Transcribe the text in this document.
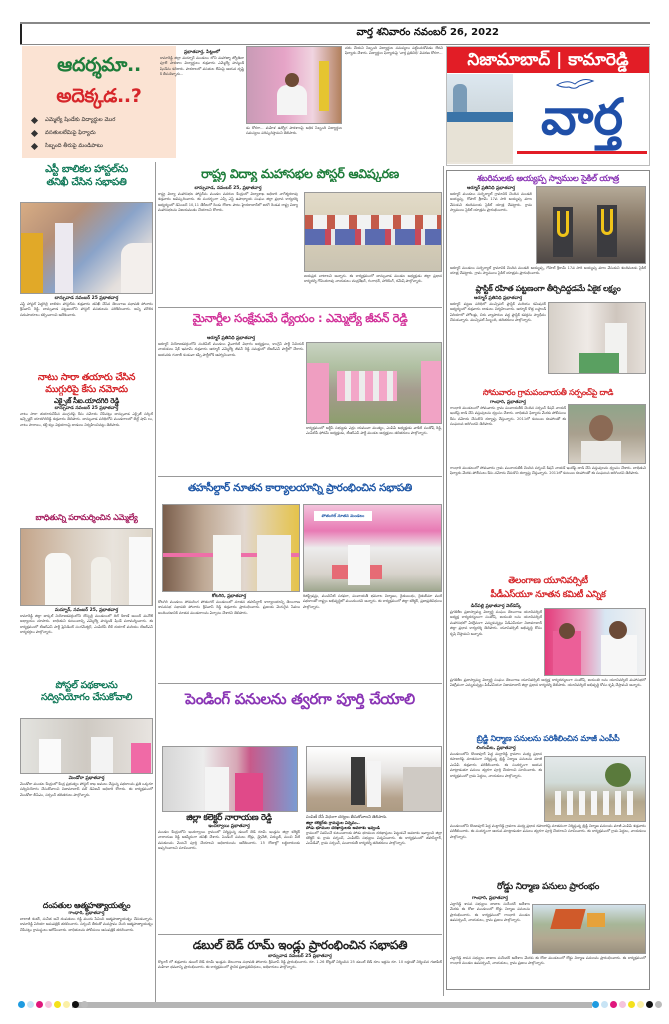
వార్త శనివారం నవంబర్ 26, 2022
నిజామాబాద్ | కామారెడ్డి
వార్త
ఆదర్శమా..
అదెక్కడ..?
ఎమ్మెల్యే షిండేకు విద్యార్థుల మొర
వసతులలేమిపై ఫిర్యాదు
సిబ్బంది తీరుపై మండిపాటు
ప్రభాతవార్త, పిట్లంలో
కామారెడ్డి జిల్లా మద్నూర్ మండలం లోని మహాత్మా జ్యోతిబా ఫూలే పాఠశాల విద్యార్థులు శుక్రవారం ఎమ్మెల్యే హన్మంత్ షిండేను కలిశారు. పాఠశాలలో వసతుల లేమిపై ఆయన దృష్టి కి తీసుకెళ్ళారు...
డు కోరగా... మహిళ ఉద్యోగ పాఠశాలపై అధిక సిబ్బంది విద్యార్థుల సమస్యలు పరిష్కరిస్తామని తెలిపారు.
చదు చేయని సిబ్బంది విద్యార్థుల సమస్యలు పట్టించుకోవడం లేదని ఫిర్యాదు చేశారు. విద్యార్థుల ఫిర్యాదుపై 'వార్త ప్రతినిధి' వివరణ కోరగా...
ఎస్టీ బాలికల హాస్టల్‌ను
తనిఖీ చేసిన సభాపతి
బాన్సువాడ నవంబర్ 25 ప్రభాతవార్త
ఎస్టీ హాస్టల్ పెద్దగిల్లి బాలికల హాస్టల్‌ను శుక్రవారం తనిఖీ చేసిన తెలంగాణ సభాపతి పోచారం శ్రీనివాస్ రెడ్డి. బాన్సువాడ పట్టణంలోని హాస్టల్ వసతులను పరిశీలించారు. అన్ని మౌలిక సదుపాయాలు కల్పించాలని ఆదేశించారు.
నాటు సారా తయారు చేసిన
ముగ్గురిపై కేసు నమోదు
ఎక్సైజ్ సీఐ.యాదగిరి రెడ్డి
బాన్సువాడ నవంబర్ 25 ప్రభాతవార్త
నాటు సారా తయారుచేసిన ముగ్గురిపై కేసు నమోదు చేసినట్లు బాన్సువాడ ఎక్సైజ్ సర్కిల్ ఇన్స్పెక్టర్ యాదగిరిరెడ్డి శుక్రవారం తెలిపారు. బాన్సువాడ పరిధిలోని మండలాలలో బెల్ట్ షాప్ లు, నాటు సారాయి, కల్తీ కల్లు విక్రయాలపై దాడులు నిర్వహించినట్లు తెలిపారు.
బాధితున్ని పరామర్శించిన ఎమ్మెల్యే
మద్నూర్, నవంబర్ 25, ప్రభాతవార్త
కామారెడ్డి జిల్లా జుక్కల్ నియోజకవర్గంలోని దోస్పల్లి మండలంలో దిల్ కిరాణ్ అంబర్ మనోజ్ అధ్యాయం చూపారు. బాధితుని కుటుంబాన్ని ఎమ్మెల్యే హన్మంత్ షిండే పరామర్శించారు. ఈ కార్యక్రమంలో టీఆర్ఎస్ పార్టీ ప్రెసిడెంట్ సంగమేశ్వర్, ఎంపీటీసీ బీకే దయాల్ మరియు టీఆర్ఎస్ కార్యకర్తలు పాల్గొన్నారు.
పోస్టల్ పథకాలను
సద్వినియోగం చేసుకోవాలి
మెండోరా ప్రభాతవార్త
మెండోరా మండల కేంద్రంలో కేంద్ర ప్రభుత్వం పోస్టల్ శాఖ అమలు చేస్తున్న పథకాలను ప్రతి ఒక్కరూ సద్వినియోగం చేసుకోవాలని నిజామాబాద్ సబ్ డివిజన్ అధికారి కోరారు. ఈ కార్యక్రమంలో మెండోరా బీపీఎం, సర్పంచ్ తదితరులు పాల్గొన్నారు.
దంపతుల ఆత్మహత్యాయత్నం
గాంధారి, ప్రభాతవార్త
బాలాజీ శంకర్, సునీత అనే దంపతులు గడ్డి మందు సేవించి ఆత్మహత్యాయత్నం చేసుకున్నారు. కామారెడ్డి ఏరియా ఆసుపత్రికి తరలించారు. సర్పంచ్ తీరుతో మనస్తాపం చెంది ఆత్మహత్యాయత్నం చేసినట్లు గ్రామస్థులు ఆరోపించారు. బాధితులను పోలీసులు ఆసుపత్రికి తరలించారు.
రాష్ట్ర విద్యా మహాసభల పోస్టర్ ఆవిష్కరణ
బాన్సువాడ, నవంబర్ 25, ప్రభాతవార్త
రాష్ట్ర విద్యా మహాసభల పోస్టర్‌ను మండల వనరుల కేంద్రంలో విద్యాశాఖ అధికారి నాగేశ్వరరావు శుక్రవారం ఆవిష్కరించారు. ఈ సందర్భంగా ఎస్సీ ఎస్టీ ఉపాధ్యాయ సంఘం జిల్లా ప్రధాన కార్యదర్శి ఆధ్వర్యంలో డిసెంబర్ 10,11 తేదీలలో రెండు రోజుల పాటు హైదరాబాద్‌లో జరగే రెండవ రాష్ట్ర విద్యా మహాసభలను విజయవంతం చేయాలని కోరారు.
జయప్రద చాటాలని అన్నారు. ఈ కార్యక్రమంలో బాన్సువాడ మండల అధ్యక్షుడు జిల్లా ప్రధాన కార్యదర్శి గోవిందరావు నాయకులు చంద్రశేఖర్, గంగాధర్, హారికింగ్, రమేష్ పాల్గొన్నారు.
మైనార్టీల సంక్షేమమే ధ్యేయం : ఎమ్మెల్యే జీవన్ రెడ్డి
ఆర్మూర్ ప్రతినిధి ప్రభాతవార్త
ఆర్మూర్ నియోజకవర్గంలోని నందిపేట్ మండలం మైనారిటీ విభాగం అధ్యక్షులు, కాంగ్రెస్ పార్టీ సీనియర్ నాయకులు షేక్ ఇమామ్ శుక్రవారం ఆర్మూర్ ఎమ్మెల్యే జీవన్ రెడ్డి సమక్షంలో టీఆర్ఎస్ పార్టీలో చేరారు. ఆయనకు గులాబీ కండువా కప్పి పార్టీలోకి ఆహ్వానించారు.
కార్యక్రమంలో ఆర్టీసీ సభ్యుడు ఎర్రం యమునా ముత్యం, ఎంపీపీ అధ్యక్షుడు వాకిటి సంతోష్ రెడ్డి, ఎంపీటీసీ ఫోరమ్ అధ్యక్షుడు, టీఆర్ఎస్ పార్టీ మండల అధ్యక్షులు తదితరులు పాల్గొన్నారు.
తహసీల్దార్ నూతన కార్యాలయాన్ని ప్రారంభించిన సభాపతి
పోతంగల్ నూతన మండలం
కోటగిరి, ప్రభాతవార్త
కోటగిరి మండలం సోమలింగ పోతంగల్ మండలంలో నూతన తహసీల్దార్ కార్యాలయాన్ని తెలంగాణ శాసనసభ సభాపతి పోచారం శ్రీనివాస్ రెడ్డి శుక్రవారం ప్రారంభించారు. ప్రజలకు మెరుగైన సేవలు అందించడానికి నూతన మండలాలను ఏర్పాటు చేశారని తెలిపారు.
రిజిస్ట్రేషన్లు, మంచినీటి సరఫరా, పంచాయతీ భవనాల నిర్మాణం, రైతుబంధు, రైతుబీమా వంటి పథకాలతో రాష్ట్రం అభివృద్ధిలో ముందుందని అన్నారు. ఈ కార్యక్రమంలో జిల్లా కలెక్టర్, ప్రజాప్రతినిధులు పాల్గొన్నారు.
పెండింగ్ పనులను త్వరగా పూర్తి చేయాలి
జిల్లా కలెక్టర్ నారాయణ రెడ్డి
ఇందల్వాయి ప్రభాతవార్త
మండల కేంద్రంలోని ఇందల్వాయి గ్రామంలో నిర్మిస్తున్న డబుల్ బెడ్ రూమ్ ఇండ్లను జిల్లా కలెక్టర్ నారాయణ రెడ్డి ఆకస్మికంగా తనిఖీ చేశారు. పెండింగ్ పనులు రోడ్లు, డ్రైనేజీ, విద్యుత్, మంచి నీటి వసతులను వెంటనే పూర్తి చేయాలని అధికారులను ఆదేశించారు. 15 రోజుల్లో లబ్ధిదారులకు అప్పగించాలని సూచించారు.
పంపిణీ చేసే విధంగా చర్యలు తీసుకోవాలని తెలిపారు.
జిల్లా కలెక్టర్‌కు గ్రామస్థుల విన్నపం..
పోడు భూముల దరఖాస్తులకు అవకాశం ఇవ్వండి
గ్రామంలో నివసించే కుటుంబాలకు పోడు భూముల దరఖాస్తులు పెట్టుకునే అవకాశం ఇవ్వాలని జిల్లా కలెక్టర్ కు గ్రామ సర్పంచ్, ఎంపీటీసీ సభ్యులు విన్నవించారు. ఈ కార్యక్రమంలో తహసీల్దార్, ఎంపీడీవో, గ్రామ సర్పంచ్, పంచాయతీ కార్యదర్శి తదితరులు పాల్గొన్నారు.
డబుల్ బెడ్ రూమ్ ఇండ్లు ప్రారంభించిన సభాపతి
బాన్సువాడ నవంబర్ 25 ప్రభాతవార్త
కొల్లూర్ లో శుక్రవారం డబుల్ బెడ్ రూమ్ ఇండ్లను తెలంగాణ సభాపతి పోచారం శ్రీనివాస్ రెడ్డి ప్రారంభించారు. రూ. 1.26 కోట్లతో నిర్మించిన 25 డబుల్ బెడ్ రూం ఇళ్లను రూ. 10 లక్షలతో నిర్మించిన గణాపేట్ మహిళా భవనాన్ని ప్రారంభించారు. ఈ కార్యక్రమంలో స్థానిక ప్రజాప్రతినిధులు, అధికారులు పాల్గొన్నారు.
శబరిమలకు అయ్యప్ప స్వాముల సైకిల్ యాత్ర
ఆర్మూర్ ప్రతినిధి ప్రభాతవార్త
ఆర్మూర్ మండలం సుర్బిర్యాల్ గ్రామానికి చెందిన మండలి అయ్యప్ప, గోపాల్ శ్రీరామ్ 17వ సారి అయ్యప్ప మాల వేసుకుని శబరిమలకు సైకిల్ యాత్ర చేపట్టారు. గ్రామ స్వాములు సైకిల్ యాత్రను ప్రారంభించారు.
ఆర్మూర్ మండలం సుర్బిర్యాల్ గ్రామానికి చెందిన మండలి అయ్యప్ప, గోపాల్ శ్రీరామ్ 17వ సారి అయ్యప్ప మాల వేసుకుని శబరిమలకు సైకిల్ యాత్ర చేపట్టారు. గ్రామ స్వాములు సైకిల్ యాత్రను ప్రారంభించారు.
ప్లాస్టిక్ రహిత పట్టణంగా తీర్చిదిద్దడమే ఏకైక లక్ష్యం
ఆర్మూర్ ప్రతినిధి ప్రభాతవార్త
ఆర్మూర్ పట్టణ పరిధిలో మున్సిపల్ ప్లాస్టిక్ మరియు కమిషనర్ ఆధ్వర్యంలో శుక్రవారం దాడులు నిర్వహించారు. ఆర్మూర్ కొత్త బస్టాండ్ ఏరియాలో హోటళ్లు, చిరు వ్యాపారుల వద్ద ప్లాస్టిక్ కవర్లను స్వాధీనం చేసుకున్నారు. మున్సిపల్ సిబ్బంది, తదితరులు పాల్గొన్నారు.
సోమవారం గ్రామపంచాయతీ సర్పంచ్‌పై దాడి
గాంధారి, ప్రభాతవార్త
గాంధారి మండలంలో సోమవారం గ్రామ పంచాయతీకి చెందిన సర్పంచ్ కిషన్ నాయక్ ఇంటిపై దాడి చేసి వస్తువులను ధ్వంసం చేశారు. బాధితుని ఫిర్యాదు మేరకు పోలీసులు కేసు నమోదు చేసుకొని దర్యాప్తు చేస్తున్నారు. 2011లో కుటుంబ కలహాలతో ఈ సంఘటన జరిగిందని తెలిపారు.
గాంధారి మండలంలో సోమవారం గ్రామ పంచాయతీకి చెందిన సర్పంచ్ కిషన్ నాయక్ ఇంటిపై దాడి చేసి వస్తువులను ధ్వంసం చేశారు. బాధితుని ఫిర్యాదు మేరకు పోలీసులు కేసు నమోదు చేసుకొని దర్యాప్తు చేస్తున్నారు. 2011లో కుటుంబ కలహాలతో ఈ సంఘటన జరిగిందని తెలిపారు.
తెలంగాణ యూనివర్సిటీ
పీడీఎస్‌యూ నూతన కమిటీ ఎన్నిక
డిచ్‌పల్లి ప్రభాతవార్త వెబ్‌డెస్క్
ప్రగతిశీల ప్రజాస్వామ్య విద్యార్థి సంఘం తెలంగాణ యూనివర్సిటీ అధ్యక్ష కార్యదర్శులుగా సంతోష్, జయంతి లను యూనివర్సిటీ మహాసభలో ఏకగ్రీవంగా ఎన్నుకున్నట్లు పీడీఎస్‌యూ నిజామాబాద్ జిల్లా ప్రధాన కార్యదర్శి తెలిపారు. యూనివర్సిటీ అభివృద్ధి కోసం కృషి చేస్తామని అన్నారు.
ప్రగతిశీల ప్రజాస్వామ్య విద్యార్థి సంఘం తెలంగాణ యూనివర్సిటీ అధ్యక్ష కార్యదర్శులుగా సంతోష్, జయంతి లను యూనివర్సిటీ మహాసభలో ఏకగ్రీవంగా ఎన్నుకున్నట్లు పీడీఎస్‌యూ నిజామాబాద్ జిల్లా ప్రధాన కార్యదర్శి తెలిపారు. యూనివర్సిటీ అభివృద్ధి కోసం కృషి చేస్తామని అన్నారు.
బ్రిడ్జి నిర్మాణ పనులను పరిశీలించిన మాజీ ఎంపీపీ
లింగంపేట, ప్రభాతవార్త
మండలంలోని కొండాపూర్ పెద్ద మల్లారెడ్డి గ్రామాల మధ్య ప్రధాన రహదారిపై నూతనంగా నిర్మిస్తున్న బ్రిడ్జి నిర్మాణ పనులను మాజీ ఎంపీపీ శుక్రవారం పరిశీలించారు. ఈ సందర్భంగా ఆయన మాట్లాడుతూ పనులు త్వరగా పూర్తి చేయాలని సూచించారు. ఈ కార్యక్రమంలో గ్రామ పెద్దలు, నాయకులు పాల్గొన్నారు.
మండలంలోని కొండాపూర్ పెద్ద మల్లారెడ్డి గ్రామాల మధ్య ప్రధాన రహదారిపై నూతనంగా నిర్మిస్తున్న బ్రిడ్జి నిర్మాణ పనులను మాజీ ఎంపీపీ శుక్రవారం పరిశీలించారు. ఈ సందర్భంగా ఆయన మాట్లాడుతూ పనులు త్వరగా పూర్తి చేయాలని సూచించారు. ఈ కార్యక్రమంలో గ్రామ పెద్దలు, నాయకులు పాల్గొన్నారు.
రోడ్డు నిర్మాణ పనులు ప్రారంభం
గాంధారి, ప్రభాతవార్త
ఎల్లారెడ్డి శాసన సభ్యులు జాజాల సురేందర్ ఆదేశాల మేరకు ఈ రోజు మండలంలో రోడ్డు నిర్మాణ పనులను ప్రారంభించారు. ఈ కార్యక్రమంలో గాంధారి మండల ఉపసర్పంచ్, నాయకులు, గ్రామ ప్రజలు పాల్గొన్నారు.
ఎల్లారెడ్డి శాసన సభ్యులు జాజాల సురేందర్ ఆదేశాల మేరకు ఈ రోజు మండలంలో రోడ్డు నిర్మాణ పనులను ప్రారంభించారు. ఈ కార్యక్రమంలో గాంధారి మండల ఉపసర్పంచ్, నాయకులు, గ్రామ ప్రజలు పాల్గొన్నారు.
